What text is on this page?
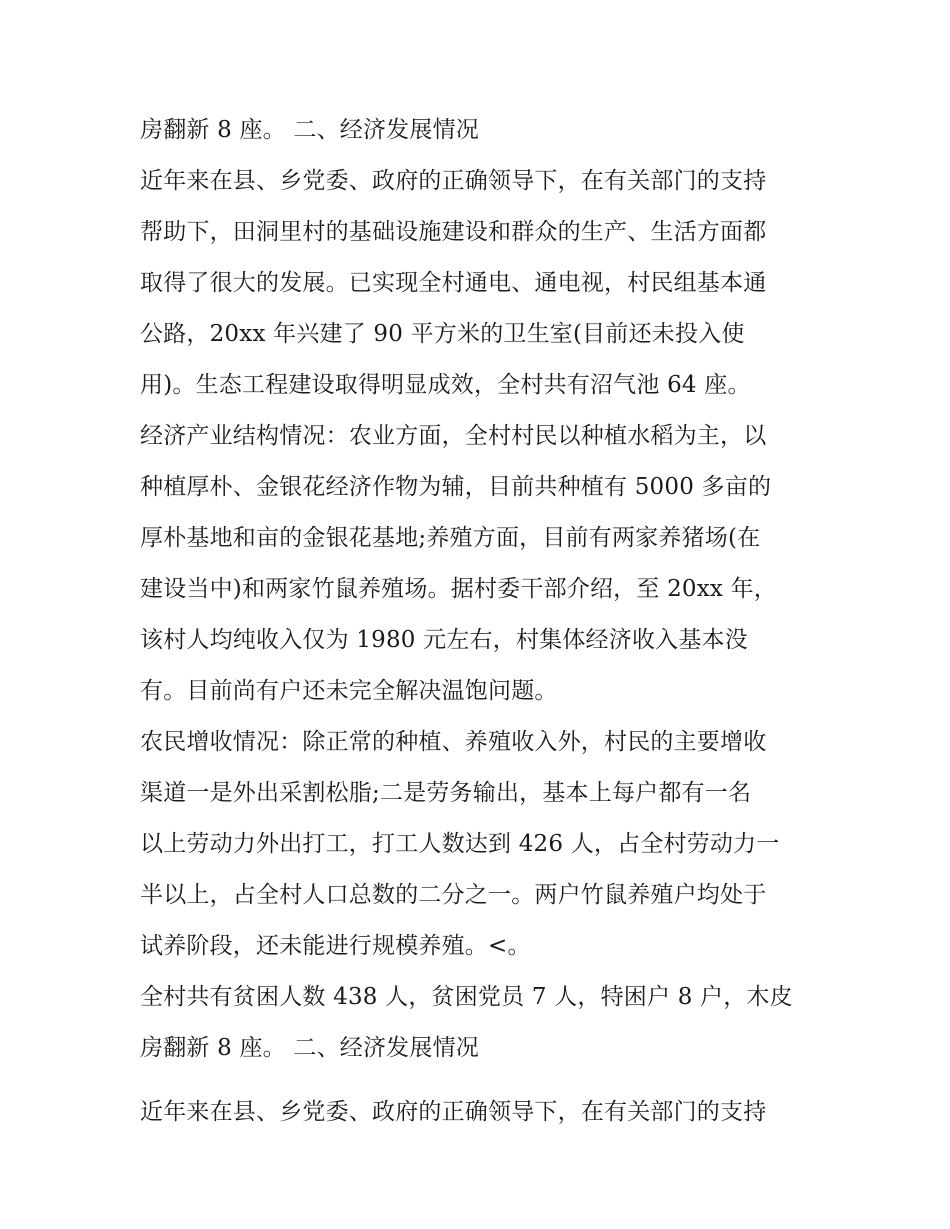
房翻新 8 座。 二、经济发展情况
近年来在县、乡党委、政府的正确领导下，在有关部门的支持
帮助下，田洞里村的基础设施建设和群众的生产、生活方面都
取得了很大的发展。已实现全村通电、通电视，村民组基本通
公路，20xx 年兴建了 90 平方米的卫生室(目前还未投入使
用)。生态工程建设取得明显成效，全村共有沼气池 64 座。
经济产业结构情况：农业方面，全村村民以种植水稻为主，以
种植厚朴、金银花经济作物为辅，目前共种植有 5000 多亩的
厚朴基地和亩的金银花基地;养殖方面，目前有两家养猪场(在
建设当中)和两家竹鼠养殖场。据村委干部介绍，至 20xx 年，
该村人均纯收入仅为 1980 元左右，村集体经济收入基本没
有。目前尚有户还未完全解决温饱问题。
农民增收情况：除正常的种植、养殖收入外，村民的主要增收
渠道一是外出采割松脂;二是劳务输出，基本上每户都有一名
以上劳动力外出打工，打工人数达到 426 人，占全村劳动力一
半以上，占全村人口总数的二分之一。两户竹鼠养殖户均处于
试养阶段，还未能进行规模养殖。<。
全村共有贫困人数 438 人，贫困党员 7 人，特困户 8 户，木皮
房翻新 8 座。 二、经济发展情况
近年来在县、乡党委、政府的正确领导下，在有关部门的支持
